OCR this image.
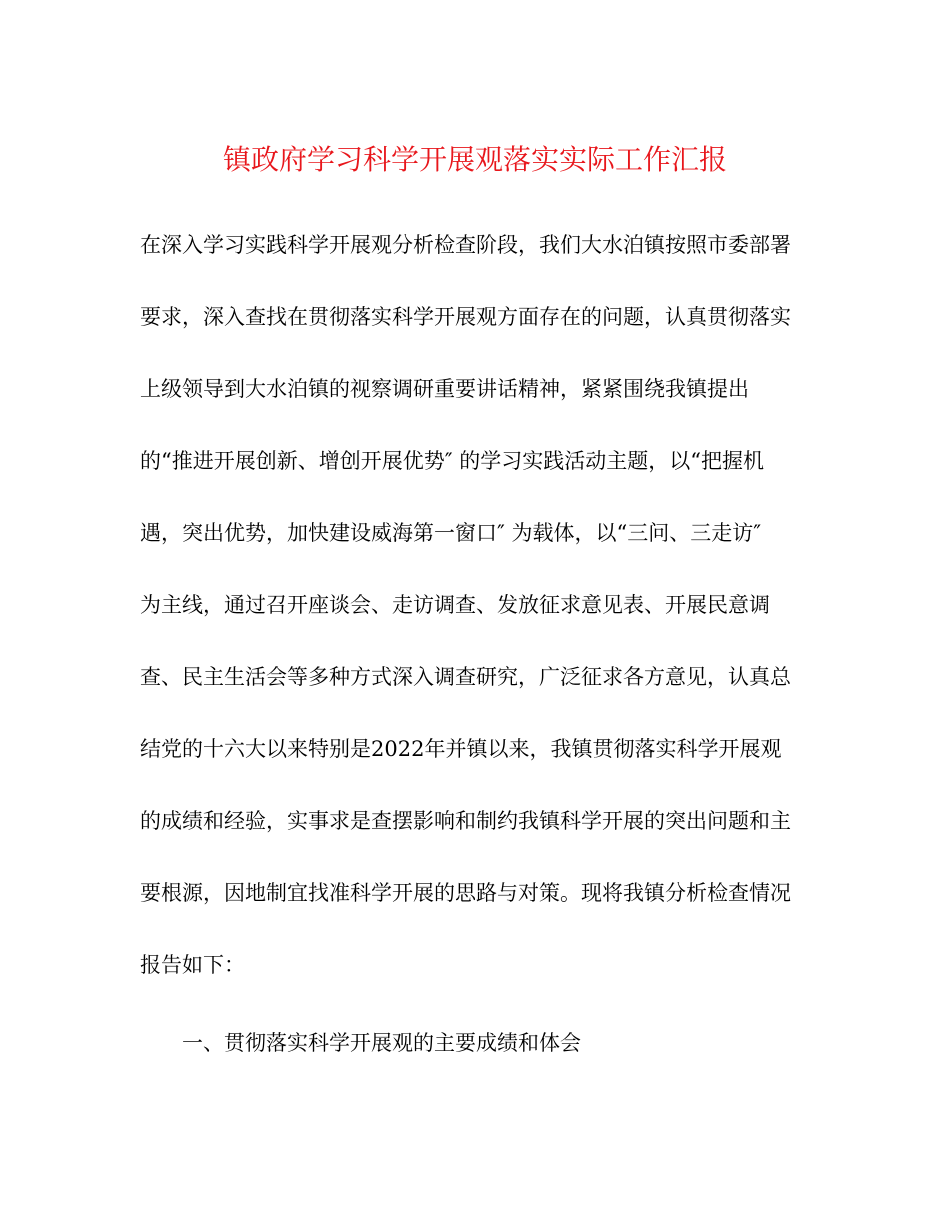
镇政府学习科学开展观落实实际工作汇报
在深入学习实践科学开展观分析检查阶段，我们大水泊镇按照市委部署
要求，深入查找在贯彻落实科学开展观方面存在的问题，认真贯彻落实
上级领导到大水泊镇的视察调研重要讲话精神，紧紧围绕我镇提出
的“推进开展创新、增创开展优势″ 的学习实践活动主题，以“把握机
遇，突出优势，加快建设威海第一窗口″ 为载体，以“三问、三走访″
为主线，通过召开座谈会、走访调查、发放征求意见表、开展民意调
查、民主生活会等多种方式深入调查研究，广泛征求各方意见，认真总
结党的十六大以来特别是2022年并镇以来，我镇贯彻落实科学开展观
的成绩和经验，实事求是查摆影响和制约我镇科学开展的突出问题和主
要根源，因地制宜找准科学开展的思路与对策。现将我镇分析检查情况
报告如下：
一、贯彻落实科学开展观的主要成绩和体会
